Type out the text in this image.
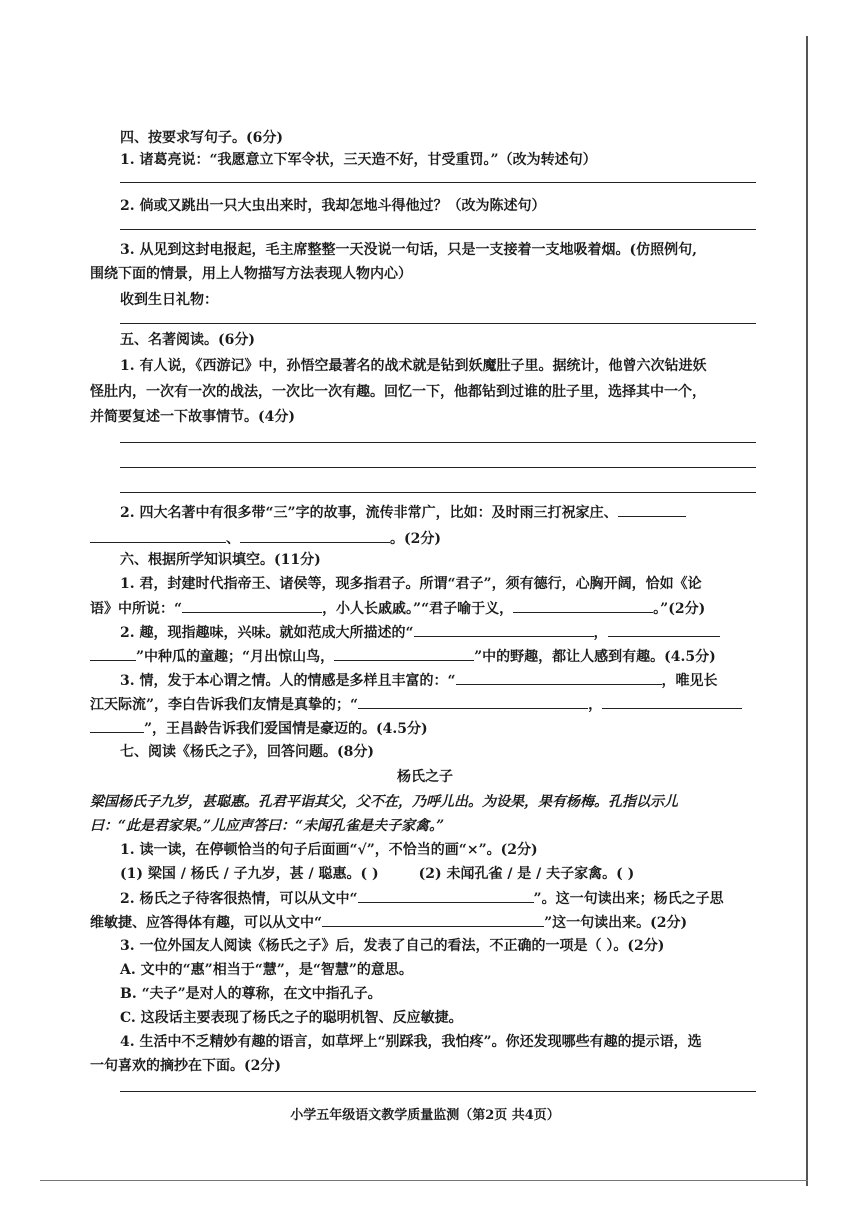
四、按要求写句子。(6分)
1. 诸葛亮说：“我愿意立下军令状，三天造不好，甘受重罚。”（改为转述句）
2. 倘或又跳出一只大虫出来时，我却怎地斗得他过？（改为陈述句）
3. 从见到这封电报起，毛主席整整一天没说一句话，只是一支接着一支地吸着烟。(仿照例句,
围绕下面的情景，用上人物描写方法表现人物内心）
收到生日礼物：
五、名著阅读。(6分)
1. 有人说，《西游记》中，孙悟空最著名的战术就是钻到妖魔肚子里。据统计，他曾六次钻进妖
怪肚内，一次有一次的战法，一次比一次有趣。回忆一下，他都钻到过谁的肚子里，选择其中一个，
并简要复述一下故事情节。(4分)
2. 四大名著中有很多带“三”字的故事，流传非常广，比如：及时雨三打祝家庄、
、	。(2分)
六、根据所学知识填空。(11分)
1. 君，封建时代指帝王、诸侯等，现多指君子。所谓“君子”，须有德行，心胸开阔，恰如《论
语》中所说：“	，小人长戚戚。”“君子喻于义，	。”(2分)
2. 趣，现指趣味，兴味。就如范成大所描述的“	，
”中种瓜的童趣；“月出惊山鸟，	”中的野趣，都让人感到有趣。(4.5分)
3. 情，发于本心谓之情。人的情感是多样且丰富的：“	，唯见长
江天际流”，李白告诉我们友情是真挚的；“	，
”，王昌龄告诉我们爱国情是豪迈的。(4.5分)
七、阅读《杨氏之子》，回答问题。(8分)
杨氏之子
梁国杨氏子九岁，甚聪惠。孔君平诣其父，父不在，乃呼儿出。为设果，果有杨梅。孔指以示儿
曰：“此是君家果。”儿应声答曰：“未闻孔雀是夫子家禽。”
1. 读一读，在停顿恰当的句子后面画“√”，不恰当的画“×”。(2分)
(1) 梁国 / 杨氏 / 子九岁，甚 / 聪惠。( )	(2) 未闻孔雀 / 是 / 夫子家禽。( )
2. 杨氏之子待客很热情，可以从文中“	”。这一句读出来；杨氏之子思
维敏捷、应答得体有趣，可以从文中“	”这一句读出来。(2分)
3. 一位外国友人阅读《杨氏之子》后，发表了自己的看法，不正确的一项是（ ）。(2分)
A. 文中的“惠”相当于“慧”，是“智慧”的意思。
B. “夫子”是对人的尊称，在文中指孔子。
C. 这段话主要表现了杨氏之子的聪明机智、反应敏捷。
4. 生活中不乏精妙有趣的语言，如草坪上“别踩我，我怕疼”。你还发现哪些有趣的提示语，选
一句喜欢的摘抄在下面。(2分)
小学五年级语文教学质量监测（第2页 共4页）
